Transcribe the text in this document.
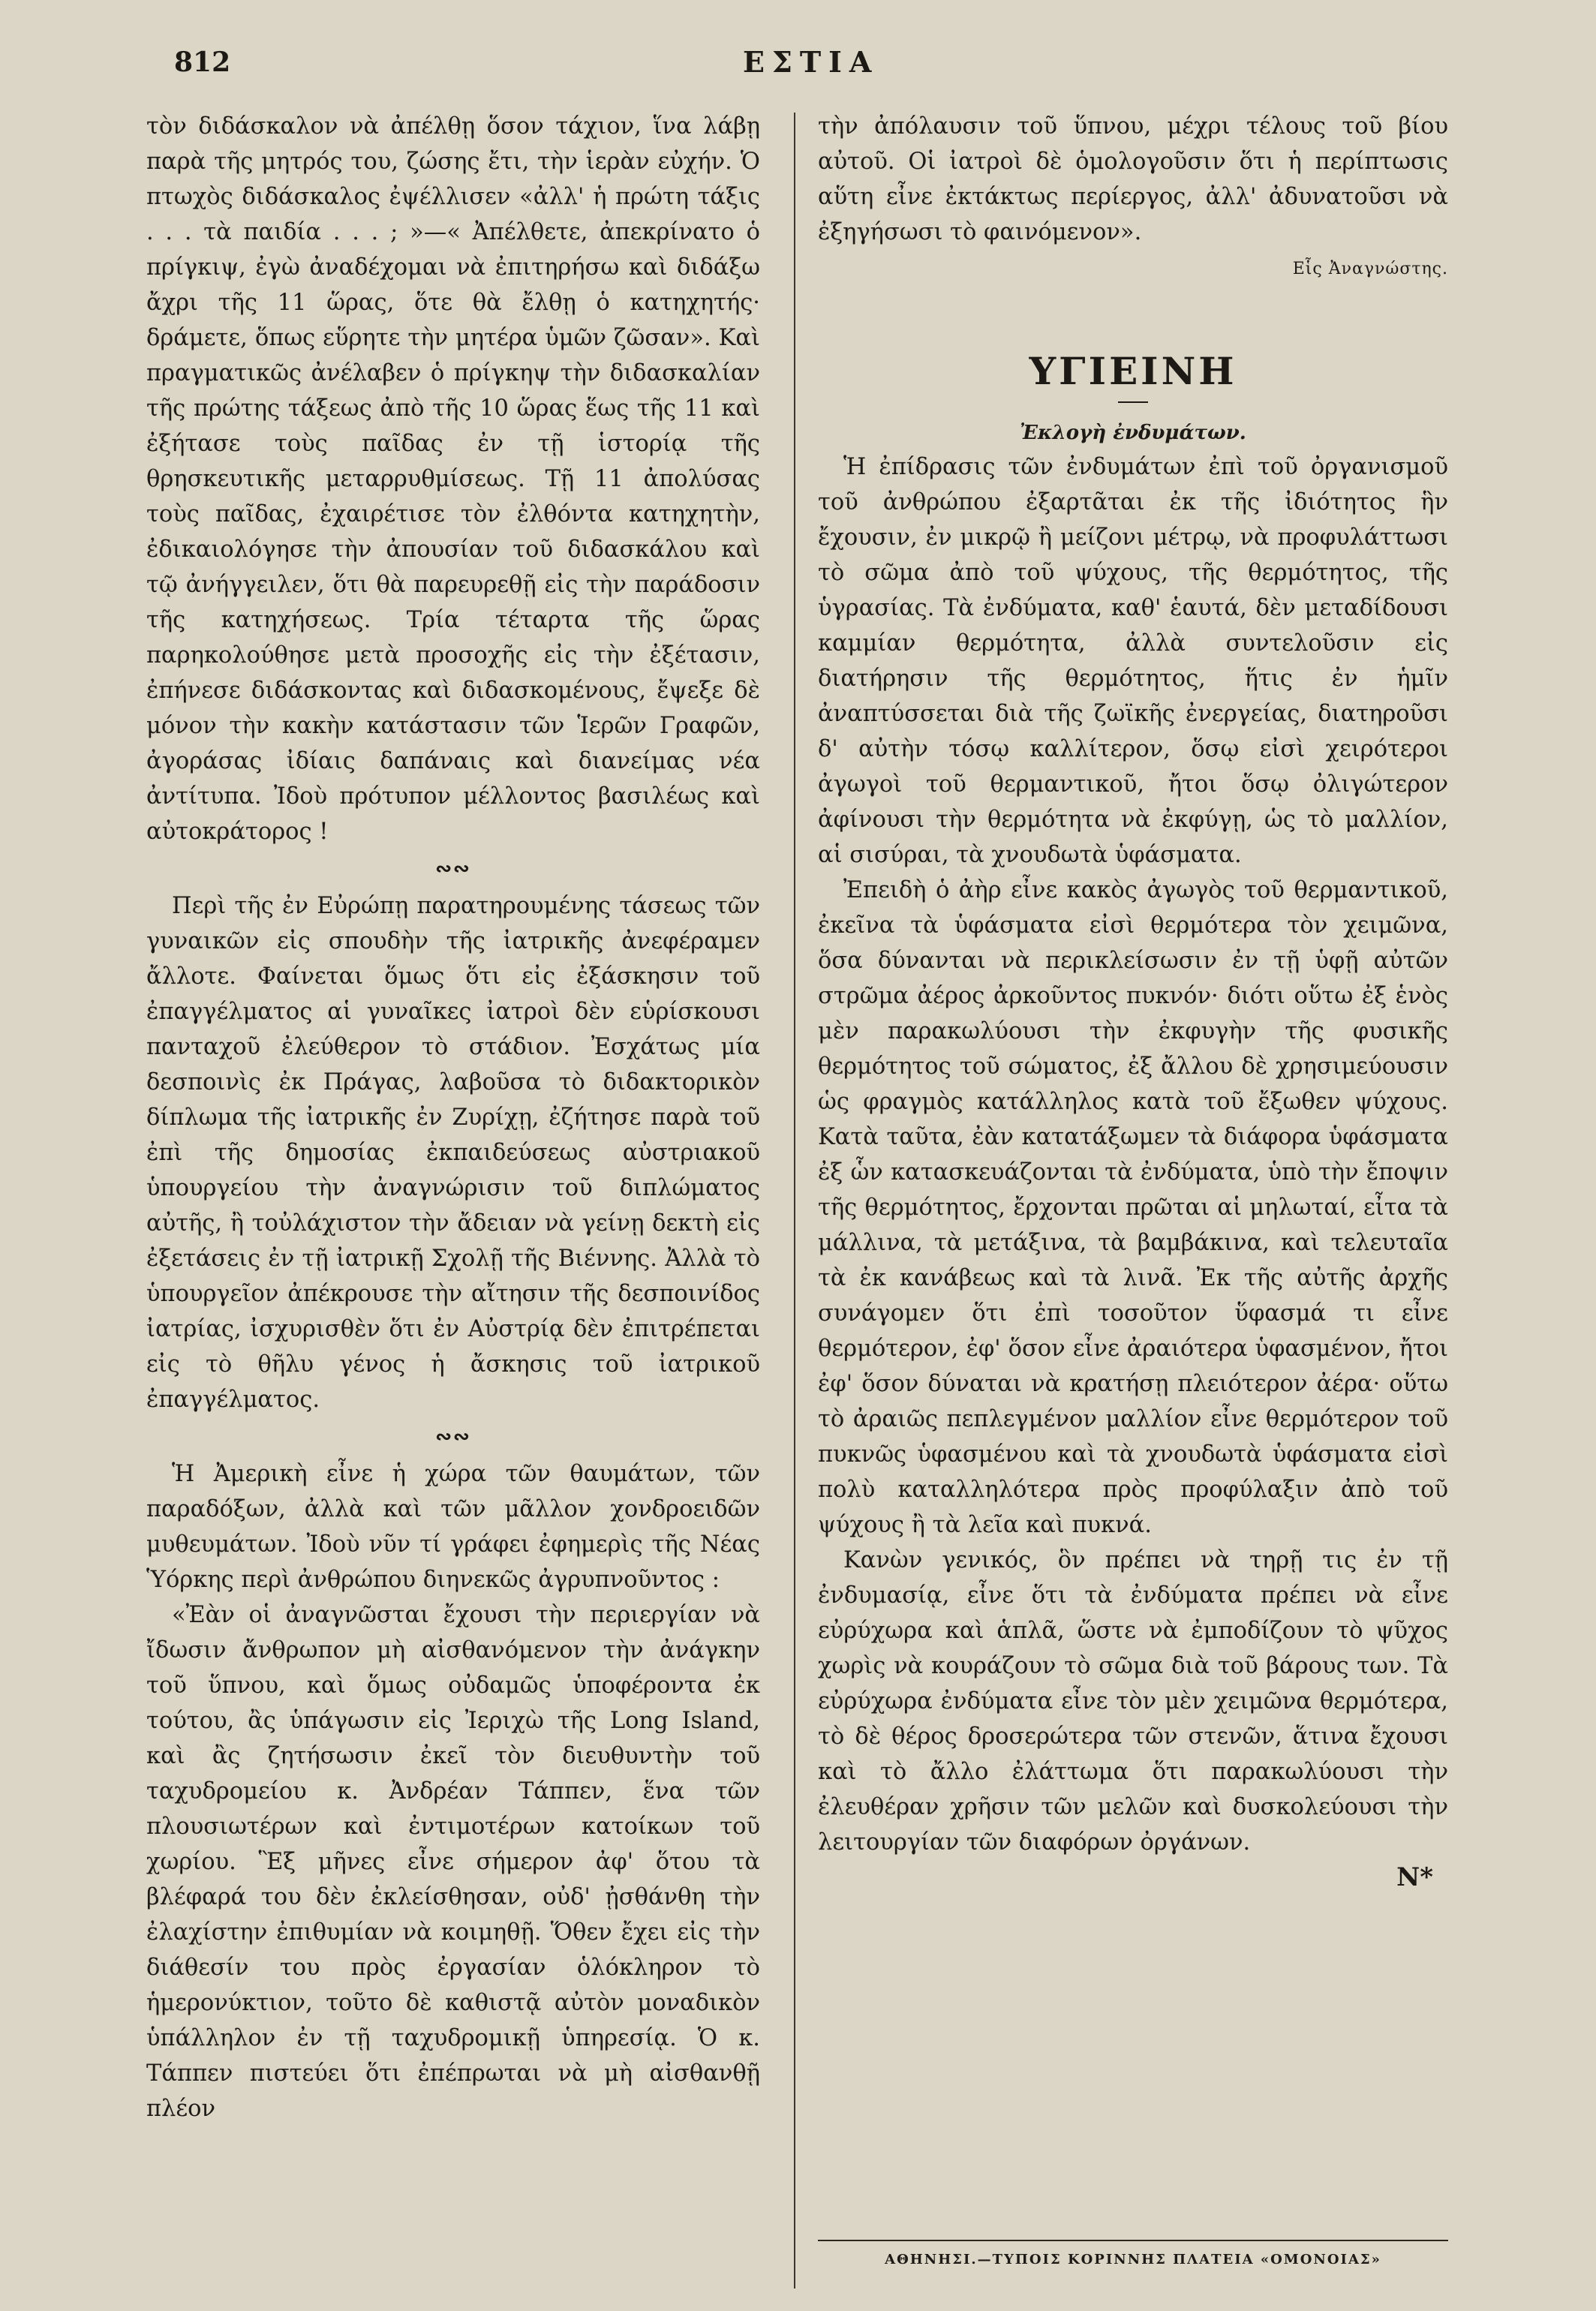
812	ΕΣΤΙΑ

τὸν διδάσκαλον νὰ ἀπέλθῃ ὅσον τάχιον, ἵνα λάβῃ παρὰ τῆς μητρός του, ζώσης ἔτι, τὴν ἱερὰν εὐχήν. Ὁ πτωχὸς διδάσκαλος ἐψέλλισεν «ἀλλ' ἡ πρώτη τάξις . . . τὰ παιδία . . . ; »—« Ἀπέλθετε, ἀπεκρίνατο ὁ πρίγκιψ, ἐγὼ ἀναδέχομαι νὰ ἐπιτηρήσω καὶ διδάξω ἄχρι τῆς 11 ὥρας, ὅτε θὰ ἔλθῃ ὁ κατηχητής· δράμετε, ὅπως εὕρητε τὴν μητέρα ὑμῶν ζῶσαν». Καὶ πραγματικῶς ἀνέλαβεν ὁ πρίγκηψ τὴν διδασκαλίαν τῆς πρώτης τάξεως ἀπὸ τῆς 10 ὥρας ἕως τῆς 11 καὶ ἐξήτασε τοὺς παῖδας ἐν τῇ ἱστορίᾳ τῆς θρησκευτικῆς μεταρρυθμίσεως. Τῇ 11 ἀπολύσας τοὺς παῖδας, ἐχαιρέτισε τὸν ἐλθόντα κατηχητὴν, ἐδικαιολόγησε τὴν ἀπουσίαν τοῦ διδασκάλου καὶ τῷ ἀνήγγειλεν, ὅτι θὰ παρευρεθῇ εἰς τὴν παράδοσιν τῆς κατηχήσεως. Τρία τέταρτα τῆς ὥρας παρηκολούθησε μετὰ προσοχῆς εἰς τὴν ἐξέτασιν, ἐπήνεσε διδάσκοντας καὶ διδασκομένους, ἔψεξε δὲ μόνον τὴν κακὴν κατάστασιν τῶν Ἱερῶν Γραφῶν, ἀγοράσας ἰδίαις δαπάναις καὶ διανείμας νέα ἀντίτυπα. Ἰδοὺ πρότυπον μέλλοντος βασιλέως καὶ αὐτοκράτορος !

∾∾

Περὶ τῆς ἐν Εὐρώπῃ παρατηρουμένης τάσεως τῶν γυναικῶν εἰς σπουδὴν τῆς ἰατρικῆς ἀνεφέραμεν ἄλλοτε. Φαίνεται ὅμως ὅτι εἰς ἐξάσκησιν τοῦ ἐπαγγέλματος αἱ γυναῖκες ἰατροὶ δὲν εὑρίσκουσι πανταχοῦ ἐλεύθερον τὸ στάδιον. Ἐσχάτως μία δεσποινὶς ἐκ Πράγας, λαβοῦσα τὸ διδακτορικὸν δίπλωμα τῆς ἰατρικῆς ἐν Ζυρίχῃ, ἐζήτησε παρὰ τοῦ ἐπὶ τῆς δημοσίας ἐκπαιδεύσεως αὐστριακοῦ ὑπουργείου τὴν ἀναγνώρισιν τοῦ διπλώματος αὐτῆς, ἢ τοὐλάχιστον τὴν ἄδειαν νὰ γείνῃ δεκτὴ εἰς ἐξετάσεις ἐν τῇ ἰατρικῇ Σχολῇ τῆς Βιέννης. Ἀλλὰ τὸ ὑπουργεῖον ἀπέκρουσε τὴν αἴτησιν τῆς δεσποινίδος ἰατρίας, ἰσχυρισθὲν ὅτι ἐν Αὐστρίᾳ δὲν ἐπιτρέπεται εἰς τὸ θῆλυ γένος ἡ ἄσκησις τοῦ ἰατρικοῦ ἐπαγγέλματος.

∾∾

Ἡ Ἀμερικὴ εἶνε ἡ χώρα τῶν θαυμάτων, τῶν παραδόξων, ἀλλὰ καὶ τῶν μᾶλλον χονδροειδῶν μυθευμάτων. Ἰδοὺ νῦν τί γράφει ἐφημερὶς τῆς Νέας Ὑόρκης περὶ ἀνθρώπου διηνεκῶς ἀγρυπνοῦντος :

«Ἐὰν οἱ ἀναγνῶσται ἔχουσι τὴν περιεργίαν νὰ ἴδωσιν ἄνθρωπον μὴ αἰσθανόμενον τὴν ἀνάγκην τοῦ ὕπνου, καὶ ὅμως οὐδαμῶς ὑποφέροντα ἐκ τούτου, ἂς ὑπάγωσιν εἰς Ἰεριχὼ τῆς Long Island, καὶ ἂς ζητήσωσιν ἐκεῖ τὸν διευθυντὴν τοῦ ταχυδρομείου κ. Ἀνδρέαν Τάππεν, ἕνα τῶν πλουσιωτέρων καὶ ἐντιμοτέρων κατοίκων τοῦ χωρίου. Ἓξ μῆνες εἶνε σήμερον ἀφ' ὅτου τὰ βλέφαρά του δὲν ἐκλείσθησαν, οὐδ' ᾐσθάνθη τὴν ἐλαχίστην ἐπιθυμίαν νὰ κοιμηθῇ. Ὅθεν ἔχει εἰς τὴν διάθεσίν του πρὸς ἐργασίαν ὁλόκληρον τὸ ἡμερονύκτιον, τοῦτο δὲ καθιστᾷ αὐτὸν μοναδικὸν ὑπάλληλον ἐν τῇ ταχυδρομικῇ ὑπηρεσίᾳ. Ὁ κ. Τάππεν πιστεύει ὅτι ἐπέπρωται νὰ μὴ αἰσθανθῇ πλέον

τὴν ἀπόλαυσιν τοῦ ὕπνου, μέχρι τέλους τοῦ βίου αὐτοῦ. Οἱ ἰατροὶ δὲ ὁμολογοῦσιν ὅτι ἡ περίπτωσις αὕτη εἶνε ἐκτάκτως περίεργος, ἀλλ' ἀδυνατοῦσι νὰ ἐξηγήσωσι τὸ φαινόμενον».

Εἷς Ἀναγνώστης.
ΥΓΙΕΙΝΗ
Ἐκλογὴ ἐνδυμάτων.

Ἡ ἐπίδρασις τῶν ἐνδυμάτων ἐπὶ τοῦ ὀργανισμοῦ τοῦ ἀνθρώπου ἐξαρτᾶται ἐκ τῆς ἰδιότητος ἣν ἔχουσιν, ἐν μικρῷ ἢ μείζονι μέτρῳ, νὰ προφυλάττωσι τὸ σῶμα ἀπὸ τοῦ ψύχους, τῆς θερμότητος, τῆς ὑγρασίας. Τὰ ἐνδύματα, καθ' ἑαυτά, δὲν μεταδίδουσι καμμίαν θερμότητα, ἀλλὰ συντελοῦσιν εἰς διατήρησιν τῆς θερμότητος, ἥτις ἐν ἡμῖν ἀναπτύσσεται διὰ τῆς ζωϊκῆς ἐνεργείας, διατηροῦσι δ' αὐτὴν τόσῳ καλλίτερον, ὅσῳ εἰσὶ χειρότεροι ἀγωγοὶ τοῦ θερμαντικοῦ, ἤτοι ὅσῳ ὀλιγώτερον ἀφίνουσι τὴν θερμότητα νὰ ἐκφύγῃ, ὡς τὸ μαλλίον, αἱ σισύραι, τὰ χνουδωτὰ ὑφάσματα.

Ἐπειδὴ ὁ ἀὴρ εἶνε κακὸς ἀγωγὸς τοῦ θερμαντικοῦ, ἐκεῖνα τὰ ὑφάσματα εἰσὶ θερμότερα τὸν χειμῶνα, ὅσα δύνανται νὰ περικλείσωσιν ἐν τῇ ὑφῇ αὐτῶν στρῶμα ἀέρος ἀρκοῦντος πυκνόν· διότι οὕτω ἐξ ἑνὸς μὲν παρακωλύουσι τὴν ἐκφυγὴν τῆς φυσικῆς θερμότητος τοῦ σώματος, ἐξ ἄλλου δὲ χρησιμεύουσιν ὡς φραγμὸς κατάλληλος κατὰ τοῦ ἔξωθεν ψύχους. Κατὰ ταῦτα, ἐὰν κατατάξωμεν τὰ διάφορα ὑφάσματα ἐξ ὧν κατασκευάζονται τὰ ἐνδύματα, ὑπὸ τὴν ἔποψιν τῆς θερμότητος, ἔρχονται πρῶται αἱ μηλωταί, εἶτα τὰ μάλλινα, τὰ μετάξινα, τὰ βαμβάκινα, καὶ τελευταῖα τὰ ἐκ κανάβεως καὶ τὰ λινᾶ. Ἐκ τῆς αὐτῆς ἀρχῆς συνάγομεν ὅτι ἐπὶ τοσοῦτον ὕφασμά τι εἶνε θερμότερον, ἐφ' ὅσον εἶνε ἀραιότερα ὑφασμένον, ἤτοι ἐφ' ὅσον δύναται νὰ κρατήσῃ πλειότερον ἀέρα· οὕτω τὸ ἀραιῶς πεπλεγμένον μαλλίον εἶνε θερμότερον τοῦ πυκνῶς ὑφασμένου καὶ τὰ χνουδωτὰ ὑφάσματα εἰσὶ πολὺ καταλληλότερα πρὸς προφύλαξιν ἀπὸ τοῦ ψύχους ἢ τὰ λεῖα καὶ πυκνά.

Κανὼν γενικός, ὃν πρέπει νὰ τηρῇ τις ἐν τῇ ἐνδυμασίᾳ, εἶνε ὅτι τὰ ἐνδύματα πρέπει νὰ εἶνε εὐρύχωρα καὶ ἁπλᾶ, ὥστε νὰ ἐμποδίζουν τὸ ψῦχος χωρὶς νὰ κουράζουν τὸ σῶμα διὰ τοῦ βάρους των. Τὰ εὐρύχωρα ἐνδύματα εἶνε τὸν μὲν χειμῶνα θερμότερα, τὸ δὲ θέρος δροσερώτερα τῶν στενῶν, ἅτινα ἔχουσι καὶ τὸ ἄλλο ἐλάττωμα ὅτι παρακωλύουσι τὴν ἐλευθέραν χρῆσιν τῶν μελῶν καὶ δυσκολεύουσι τὴν λειτουργίαν τῶν διαφόρων ὀργάνων.

Ν*
ΑΘΗΝΗΣΙ.—ΤΥΠΟΙΣ ΚΟΡΙΝΝΗΣ ΠΛΑΤΕΙΑ «ΟΜΟΝΟΙΑΣ»
